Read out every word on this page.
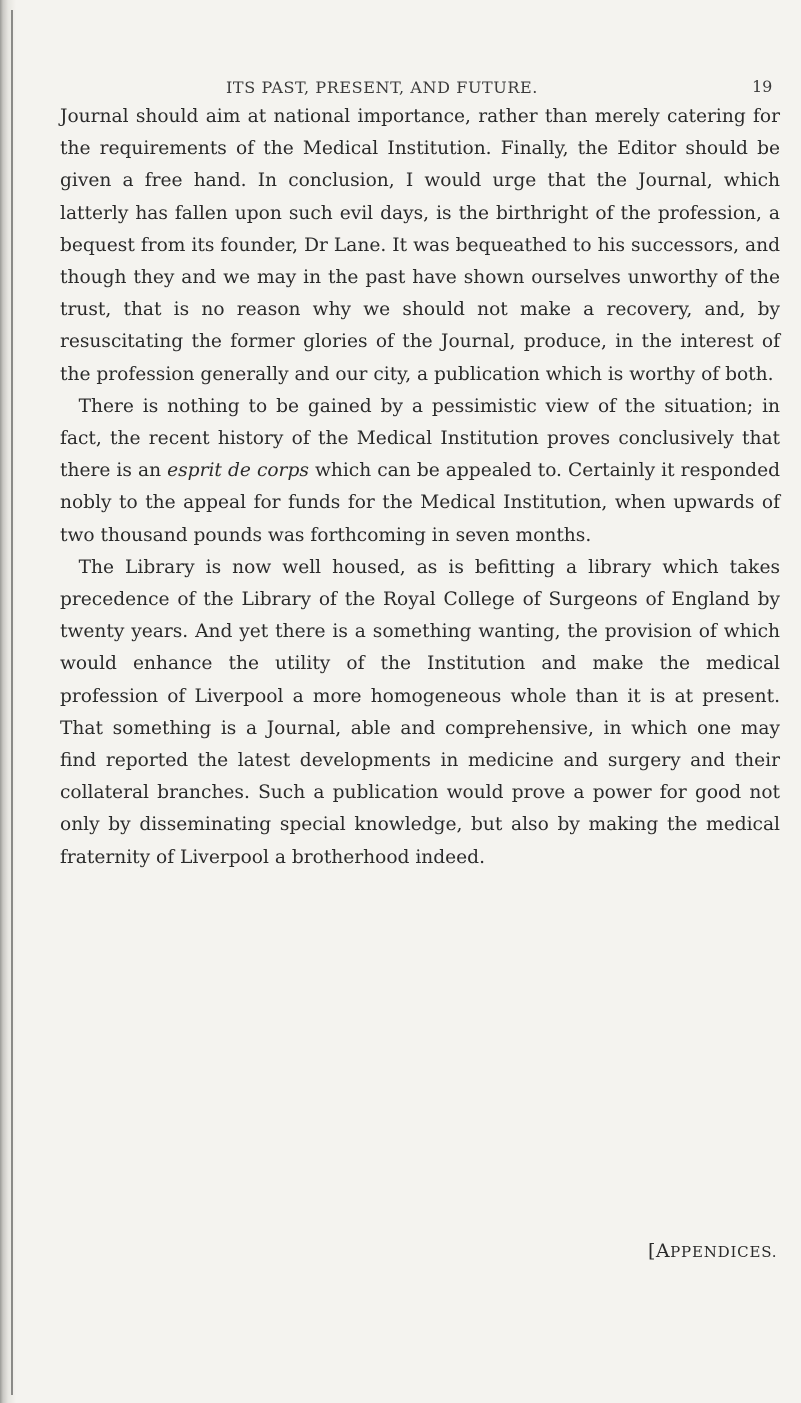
ITS PAST, PRESENT, AND FUTURE.	19

Journal should aim at national importance, rather than merely catering for the requirements of the Medical Institution. Finally, the Editor should be given a free hand. In conclusion, I would urge that the Journal, which latterly has fallen upon such evil days, is the birthright of the profession, a bequest from its founder, Dr Lane. It was bequeathed to his successors, and though they and we may in the past have shown ourselves unworthy of the trust, that is no reason why we should not make a recovery, and, by resuscitating the former glories of the Journal, produce, in the interest of the profession generally and our city, a publication which is worthy of both.

 There is nothing to be gained by a pessimistic view of the situation; in fact, the recent history of the Medical Institution proves conclusively that there is an esprit de corps which can be appealed to. Certainly it responded nobly to the appeal for funds for the Medical Institution, when upwards of two thousand pounds was forthcoming in seven months.

 The Library is now well housed, as is befitting a library which takes precedence of the Library of the Royal College of Surgeons of England by twenty years. And yet there is a something wanting, the provision of which would enhance the utility of the Institution and make the medical profession of Liverpool a more homogeneous whole than it is at present. That something is a Journal, able and comprehensive, in which one may find reported the latest developments in medicine and surgery and their collateral branches. Such a publication would prove a power for good not only by disseminating special knowledge, but also by making the medical fraternity of Liverpool a brotherhood indeed.

[APPENDICES.
